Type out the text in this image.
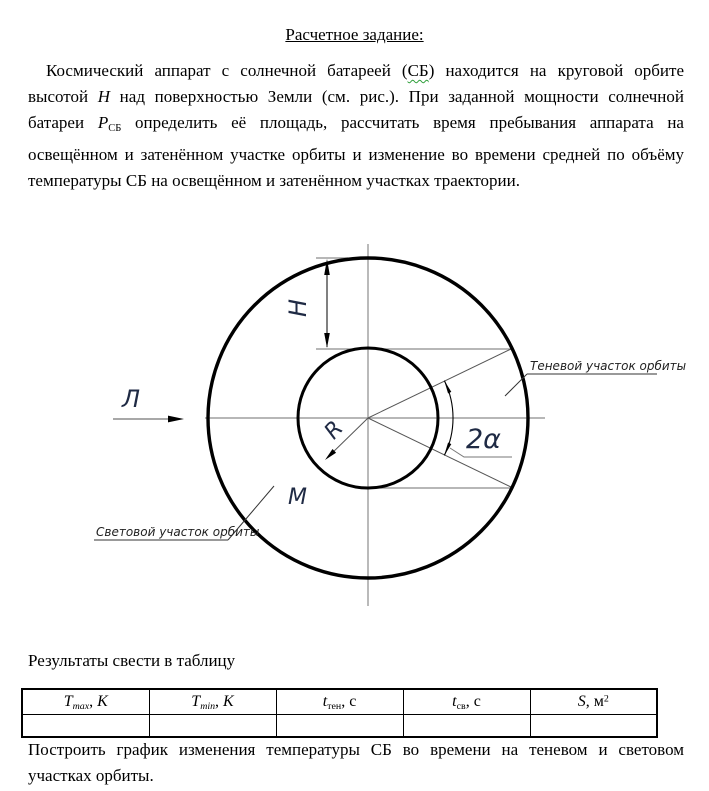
Расчетное задание:
Космический аппарат с солнечной батареей (СБ) находится на круговой орбите высотой H над поверхностью Земли (см. рис.). При заданной мощности солнечной батареи $P_{СБ}$ определить её площадь, рассчитать время пребывания аппарата на освещённом и затенённом участке орбиты и изменение во времени средней по объёму температуры СБ на освещённом и затенённом участках траектории.
H
Л
R
M
2α
Теневой участок орбиты
Световой участок орбиты
Результаты свести в таблицу
$T_{max}$, K	$T_{min}$, K	$t_{тен}$, с	$t_{св}$, с	S, $м^2$

Построить график изменения температуры СБ во времени на теневом и световом участках орбиты.
